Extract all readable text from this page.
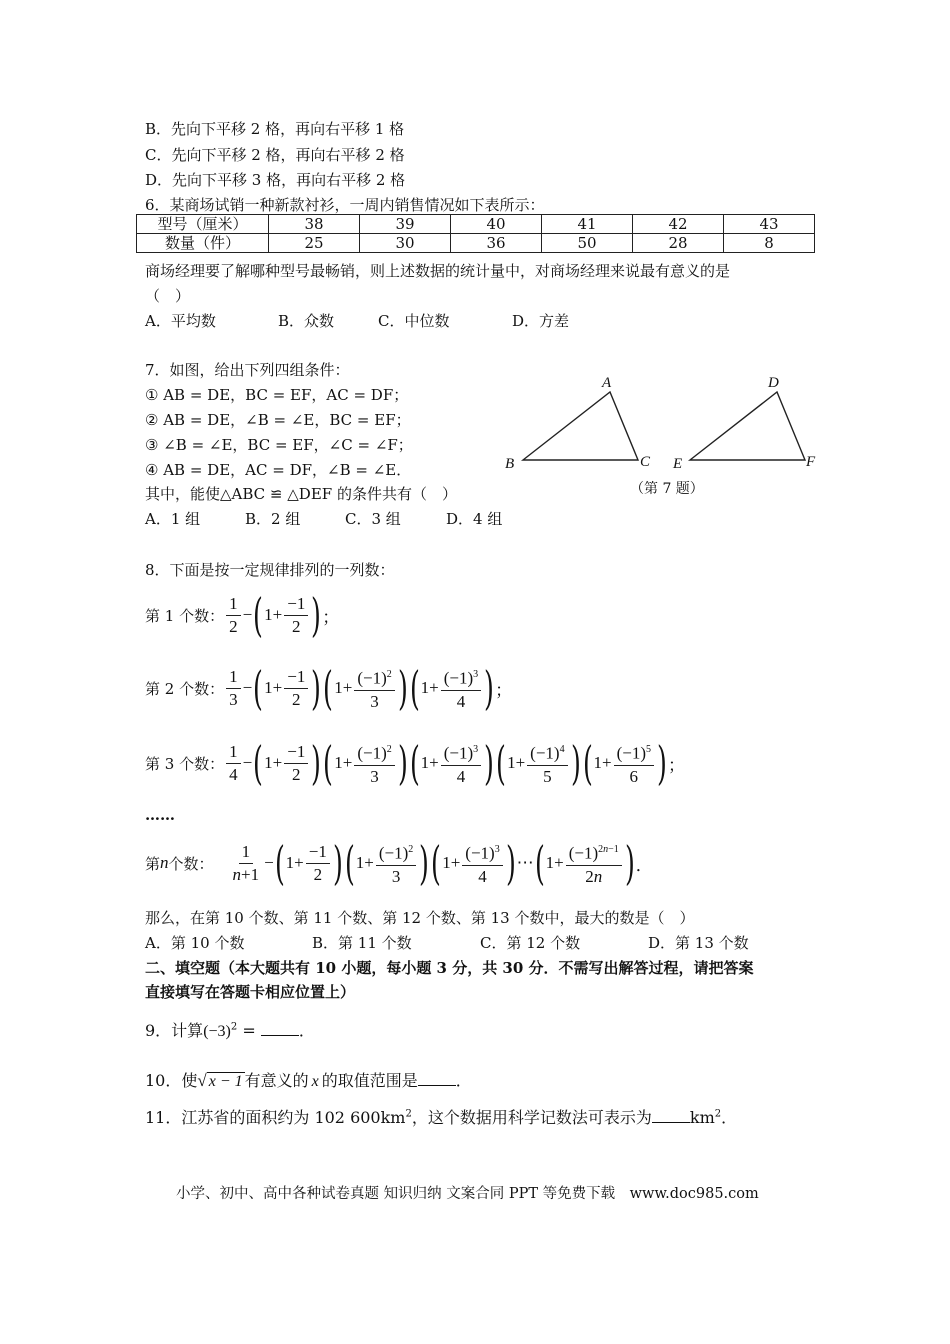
B．先向下平移 2 格，再向右平移 1 格
C．先向下平移 2 格，再向右平移 2 格
D．先向下平移 3 格，再向右平移 2 格
6．某商场试销一种新款衬衫，一周内销售情况如下表所示：
型号（厘米）	38	39	40	41	42	43
数量（件）	25	30	36	50	28	8
商场经理要了解哪种型号最畅销，则上述数据的统计量中，对商场经理来说最有意义的是
（　）
A．平均数	B．众数	C．中位数	D．方差
7．如图，给出下列四组条件：
① AB = DE，BC = EF，AC = DF；
② AB = DE，∠B = ∠E，BC = EF；
③ ∠B = ∠E，BC = EF，∠C = ∠F；
④ AB = DE，AC = DF，∠B = ∠E．
其中，能使△ABC ≌ △DEF 的条件共有（　）
A．1 组	B．2 组	C．3 组	D．4 组
A
B	C
D
E	F
（第 7 题）
8．下面是按一定规律排列的一列数：
第 1 个数： $\frac{1}{2}$ − ( $1+ \frac{-1}{2}$ ) ；
第 2 个数： $\frac{1}{3}$ − ( $1+ \frac{-1}{2}$ ) ( $1+ \frac{(-1)^2}{3}$ ) ( $1+ \frac{(-1)^3}{4}$ ) ；
第 3 个数： $\frac{1}{4}$ − ( $1+ \frac{-1}{2}$ ) ( $1+ \frac{(-1)^2}{3}$ ) ( $1+ \frac{(-1)^3}{4}$ ) ( $1+ \frac{(-1)^4}{5}$ ) ( $1+ \frac{(-1)^5}{6}$ ) ；
……
第 n 个数： $\frac{1}{n+1}$ − ( $1+ \frac{-1}{2}$ ) ( $1+ \frac{(-1)^2}{3}$ ) ( $1+ \frac{(-1)^3}{4}$ ) ⋯ ( $1+ \frac{(-1)^{2n-1}}{2n}$ ) ．
那么，在第 10 个数、第 11 个数、第 12 个数、第 13 个数中，最大的数是（　）
A．第 10 个数	B．第 11 个数	C．第 12 个数	D．第 13 个数
二、填空题（本大题共有 10 小题，每小题 3 分，共 30 分．不需写出解答过程，请把答案
直接填写在答题卡相应位置上）
9．计算$(-3)^2$ = ．
10．使√ x − 1 有意义的 x 的取值范围是 ．
11．江苏省的面积约为 102 $600km^2$，这个数据用科学记数法可表示为 $km^2$．
小学、初中、高中各种试卷真题 知识归纳 文案合同 PPT 等免费下载　www.doc985.com
